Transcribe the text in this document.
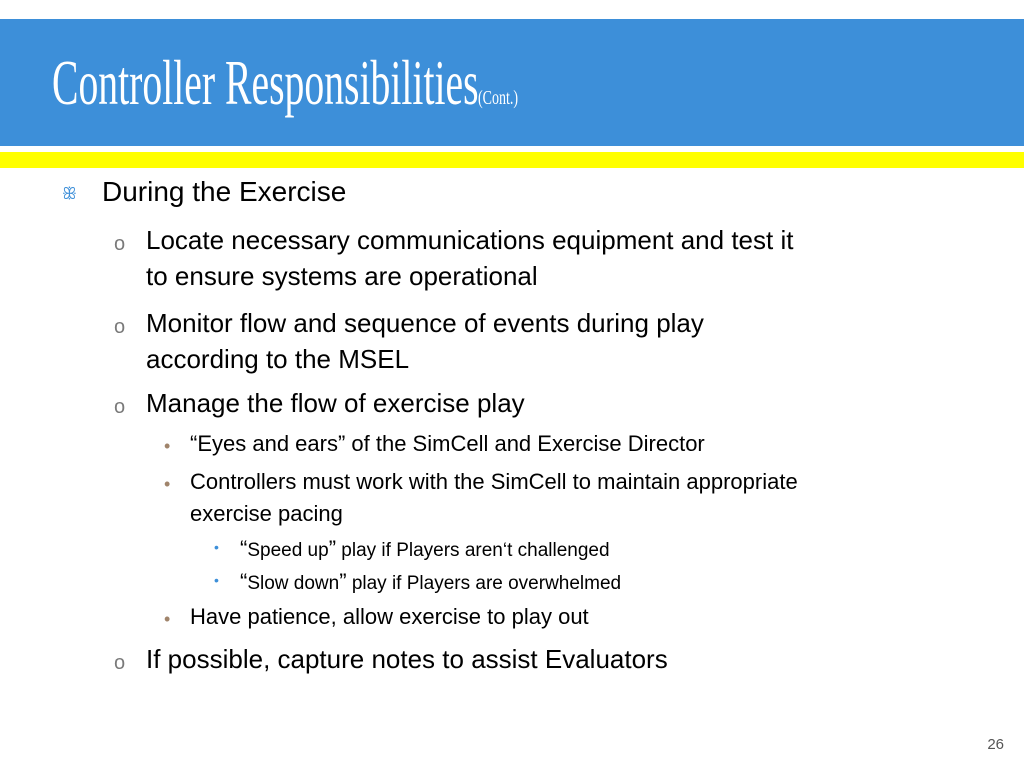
Controller Responsibilities(Cont.)
ꕥ During the Exercise
o Locate necessary communications equipment and test it
to ensure systems are operational
o Monitor flow and sequence of events during play
according to the MSEL
o Manage the flow of exercise play
• “Eyes and ears” of the SimCell and Exercise Director
• Controllers must work with the SimCell to maintain appropriate
exercise pacing
• “Speed up” play if Players aren‘t challenged
• “Slow down” play if Players are overwhelmed
• Have patience, allow exercise to play out
o If possible, capture notes to assist Evaluators
26
